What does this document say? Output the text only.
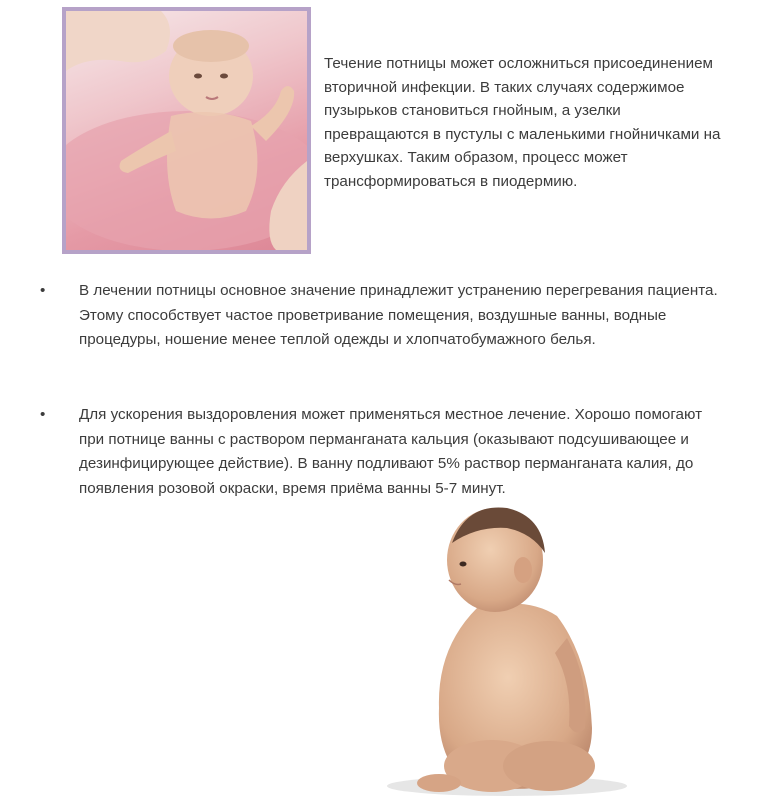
Течение потницы может осложниться присоединением вторичной инфекции. В таких случаях содержимое пузырьков становиться гнойным, а узелки превращаются в пустулы с маленькими гнойничками на верхушках. Таким образом, процесс может трансформироваться в пиодермию.
• В лечении потницы основное значение принадлежит устранению перегревания пациента. Этому способствует частое проветривание помещения, воздушные ванны, водные процедуры, ношение менее теплой одежды и хлопчатобумажного белья.
• Для ускорения выздоровления может применяться местное лечение. Хорошо помогают при потнице ванны с раствором перманганата кальция (оказывают подсушивающее и дезинфицирующее действие). В ванну подливают 5% раствор перманганата калия, до появления розовой окраски, время приёма ванны 5-7 минут.
